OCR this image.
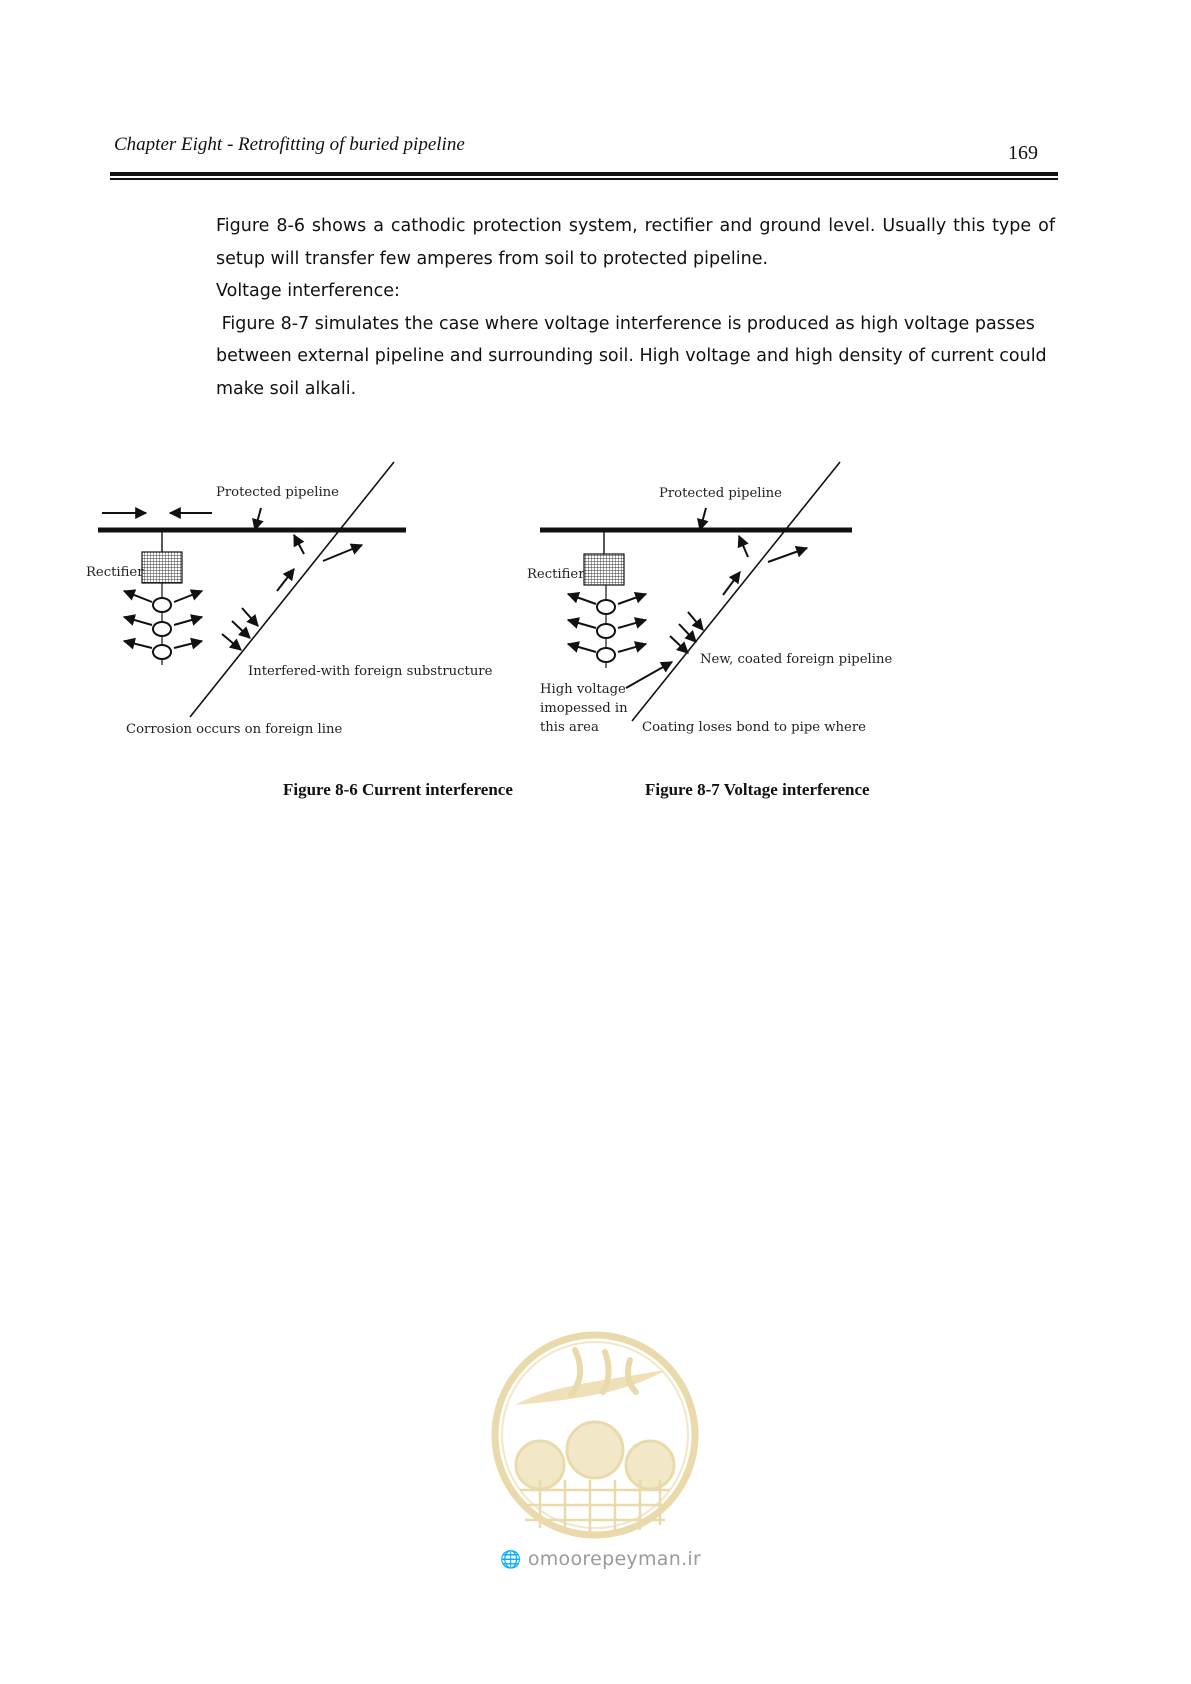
Chapter Eight - Retrofitting of buried pipeline	169

Figure 8-6 shows a cathodic protection system, rectifier and ground level. Usually this type of setup will transfer few amperes from soil to protected pipeline.

Voltage interference:

Figure 8-7 simulates the case where voltage interference is produced as high voltage passes between external pipeline and surrounding soil. High voltage and high density of current could make soil alkali.

Protected pipeline
Rectifier
Interfered-with foreign substructure
Corrosion occurs on foreign line
Protected pipeline
Rectifier
New, coated foreign pipeline
High voltage
imopessed in
this area	Coating loses bond to pipe where
Figure 8-6 Current interference	Figure 8-7 Voltage interference
🌐 omoorepeyman.ir
